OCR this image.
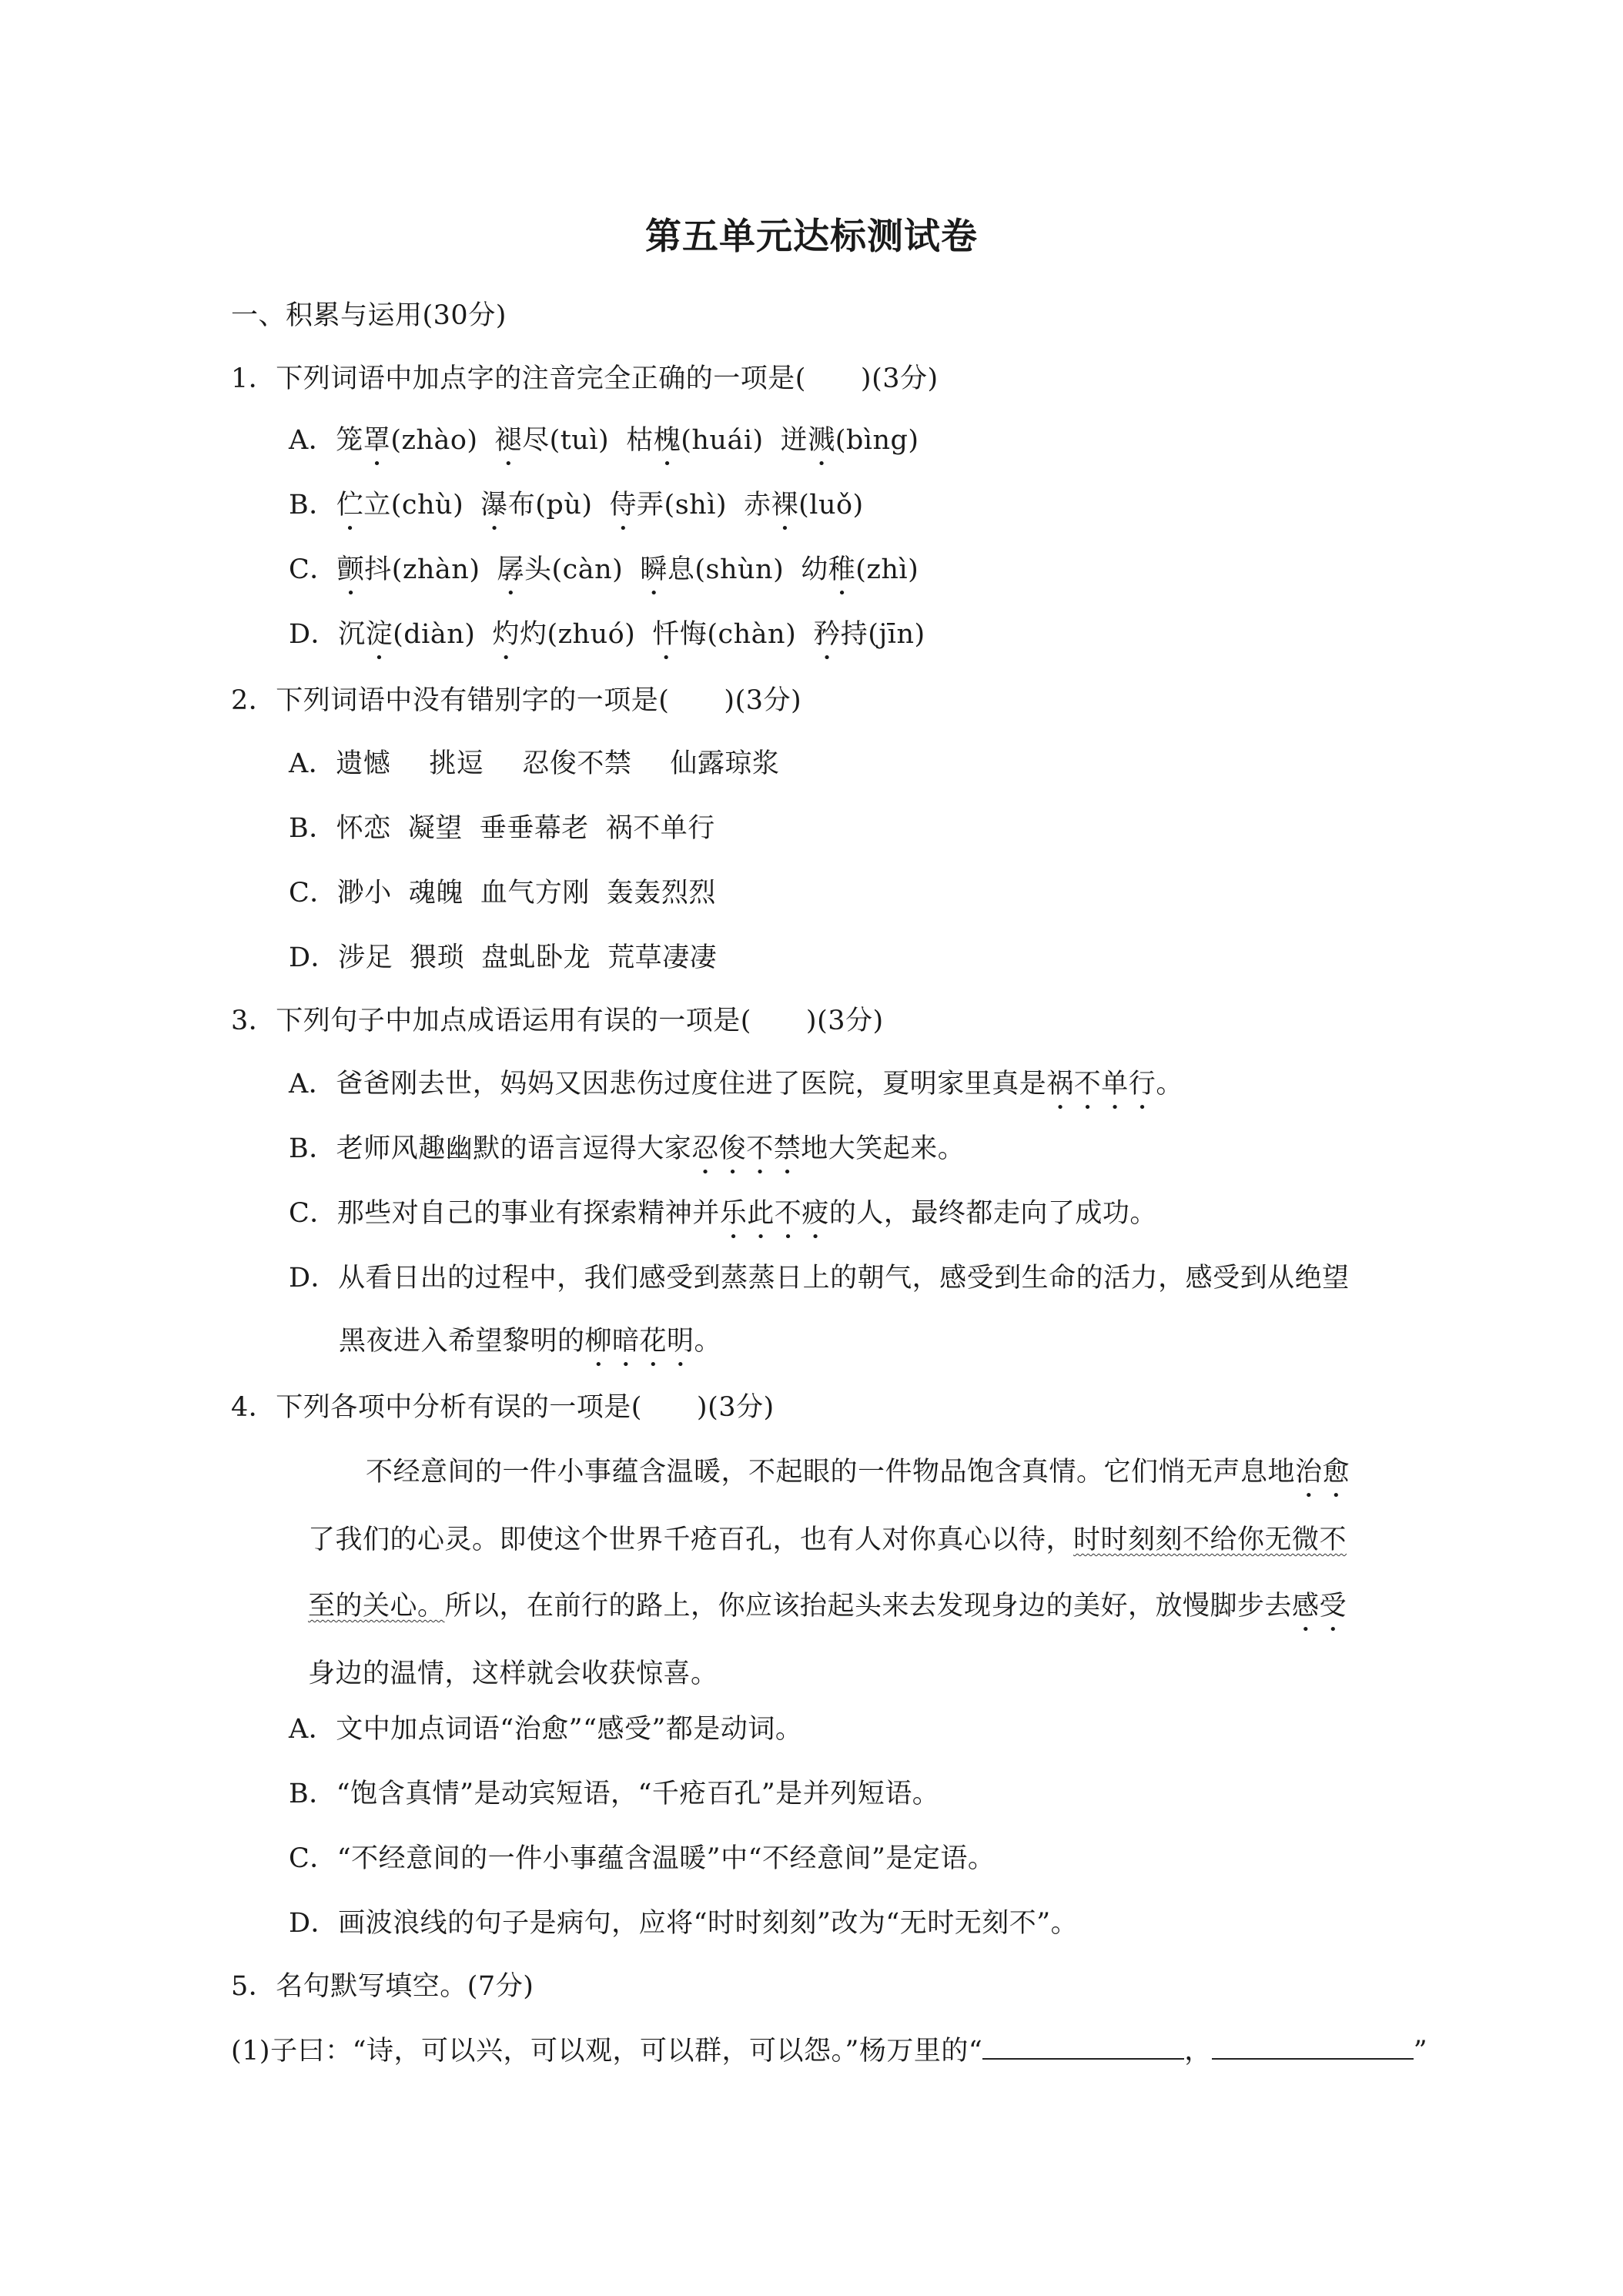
第五单元达标测试卷
一、积累与运用(30分)
1．下列词语中加点字的注音完全正确的一项是(　　)(3分)
A．笼罩(zhào) 褪尽(tuì) 枯槐(huái) 迸溅(bìng)
B．伫立(chù) 瀑布(pù) 侍弄(shì) 赤裸(luǒ)
C．颤抖(zhàn) 孱头(càn) 瞬息(shùn) 幼稚(zhì)
D．沉淀(diàn) 灼灼(zhuó) 忏悔(chàn) 矜持(jīn)
2．下列词语中没有错别字的一项是(　　)(3分)
A．遗憾 挑逗 忍俊不禁 仙露琼浆
B．怀恋 凝望 垂垂幕老 祸不单行
C．渺小 魂魄 血气方刚 轰轰烈烈
D．涉足 猥琐 盘虬卧龙 荒草凄凄
3．下列句子中加点成语运用有误的一项是(　　)(3分)
A．爸爸刚去世，妈妈又因悲伤过度住进了医院，夏明家里真是祸不单行。
B．老师风趣幽默的语言逗得大家忍俊不禁地大笑起来。
C．那些对自己的事业有探索精神并乐此不疲的人，最终都走向了成功。
D．从看日出的过程中，我们感受到蒸蒸日上的朝气，感受到生命的活力，感受到从绝望
黑夜进入希望黎明的柳暗花明。
4．下列各项中分析有误的一项是(　　)(3分)
不经意间的一件小事蕴含温暖，不起眼的一件物品饱含真情。它们悄无声息地治愈
了我们的心灵。即使这个世界千疮百孔，也有人对你真心以待，时时刻刻不给你无微不
至的关心。所以，在前行的路上，你应该抬起头来去发现身边的美好，放慢脚步去感受
身边的温情，这样就会收获惊喜。
A．文中加点词语“治愈”“感受”都是动词。
B．“饱含真情”是动宾短语，“千疮百孔”是并列短语。
C．“不经意间的一件小事蕴含温暖”中“不经意间”是定语。
D．画波浪线的句子是病句，应将“时时刻刻”改为“无时无刻不”。
5．名句默写填空。(7分)
(1)子曰：“诗，可以兴，可以观，可以群，可以怨。”杨万里的“	，	”
